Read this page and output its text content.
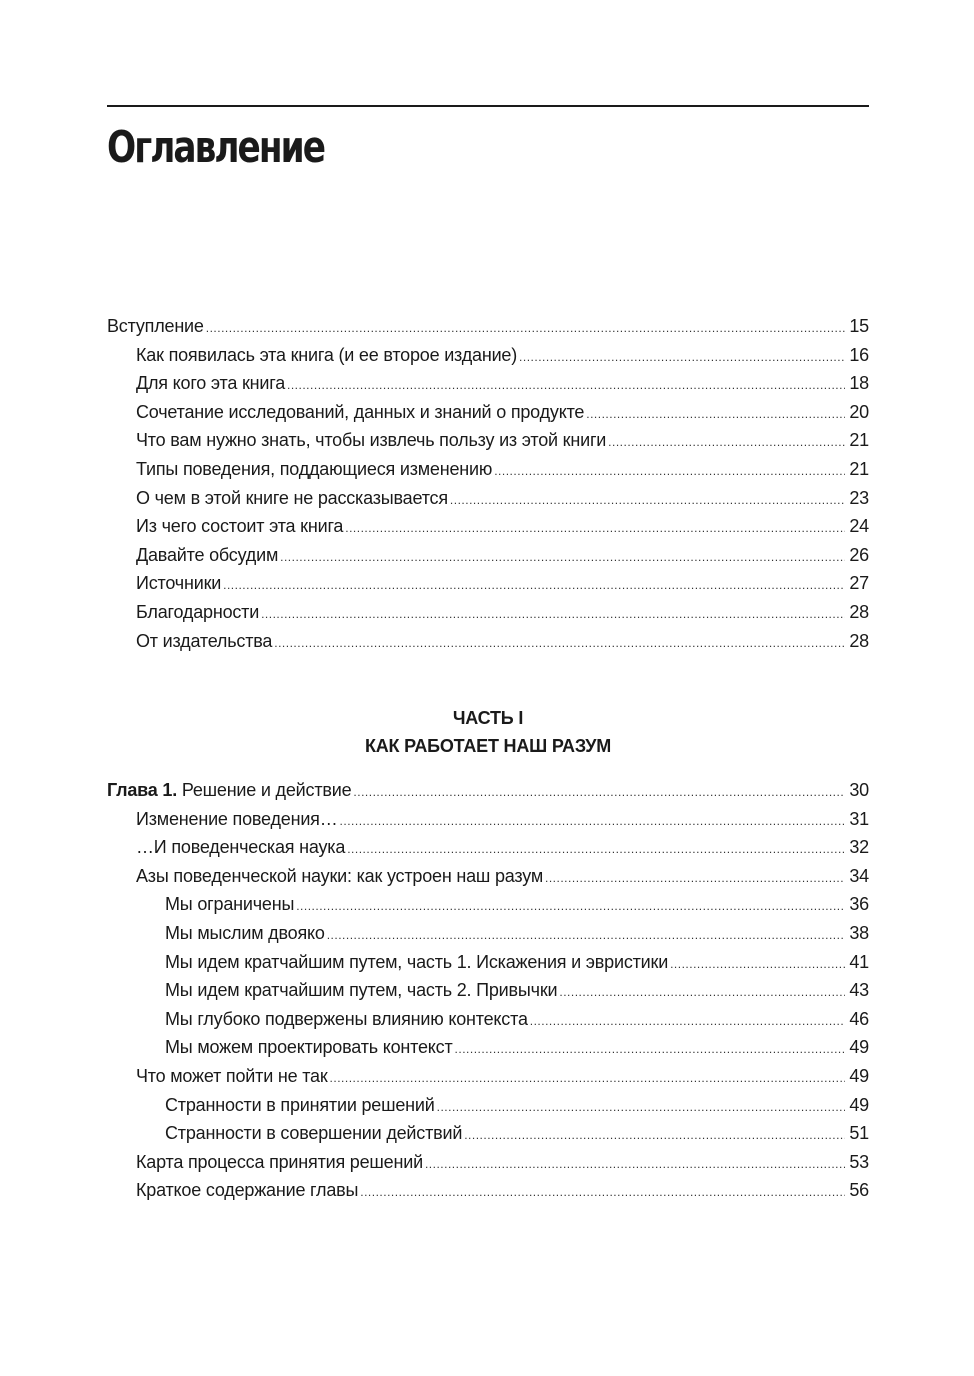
Оглавление
Вступление .....	15
Как появилась эта книга (и ее второе издание) .....	16
Для кого эта книга .....	18
Сочетание исследований, данных и знаний о продукте .....	20
Что вам нужно знать, чтобы извлечь пользу из этой книги .....	21
Типы поведения, поддающиеся изменению .....	21
О чем в этой книге не рассказывается .....	23
Из чего состоит эта книга .....	24
Давайте обсудим .....	26
Источники .....	27
Благодарности .....	28
От издательства .....	28
ЧАСТЬ I
КАК РАБОТАЕТ НАШ РАЗУМ
Глава 1. Решение и действие .....	30
Изменение поведения… .....	31
…И поведенческая наука .....	32
Азы поведенческой науки: как устроен наш разум .....	34
Мы ограничены .....	36
Мы мыслим двояко .....	38
Мы идем кратчайшим путем, часть 1. Искажения и эвристики .....	41
Мы идем кратчайшим путем, часть 2. Привычки .....	43
Мы глубоко подвержены влиянию контекста .....	46
Мы можем проектировать контекст .....	49
Что может пойти не так .....	49
Странности в принятии решений .....	49
Странности в совершении действий .....	51
Карта процесса принятия решений .....	53
Краткое содержание главы .....	56
